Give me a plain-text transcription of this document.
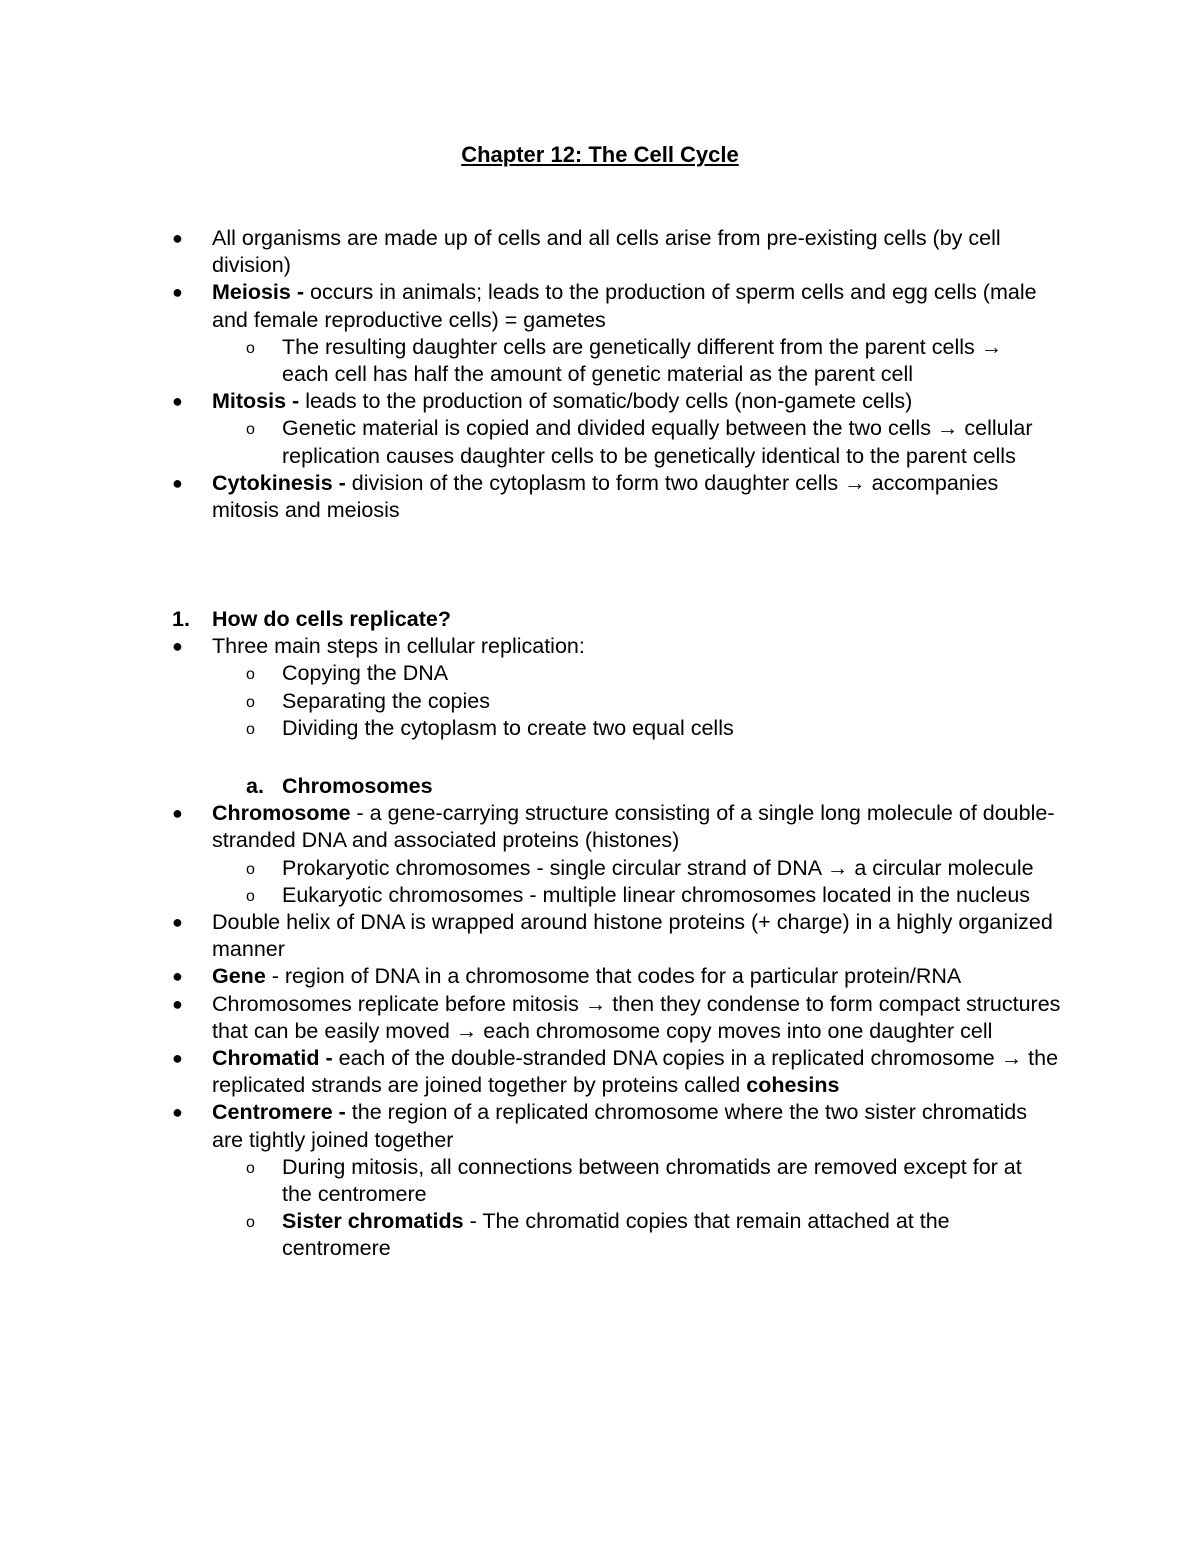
Chapter 12: The Cell Cycle
● All organisms are made up of cells and all cells arise from pre-existing cells (by cell division)
● Meiosis - occurs in animals; leads to the production of sperm cells and egg cells (male and female reproductive cells) = gametes
o The resulting daughter cells are genetically different from the parent cells → each cell has half the amount of genetic material as the parent cell
● Mitosis - leads to the production of somatic/body cells (non-gamete cells)
o Genetic material is copied and divided equally between the two cells → cellular replication causes daughter cells to be genetically identical to the parent cells
● Cytokinesis - division of the cytoplasm to form two daughter cells → accompanies mitosis and meiosis
1. How do cells replicate?
● Three main steps in cellular replication:
o Copying the DNA
o Separating the copies
o Dividing the cytoplasm to create two equal cells
a. Chromosomes
● Chromosome - a gene-carrying structure consisting of a single long molecule of double-stranded DNA and associated proteins (histones)
o Prokaryotic chromosomes - single circular strand of DNA → a circular molecule
o Eukaryotic chromosomes - multiple linear chromosomes located in the nucleus
● Double helix of DNA is wrapped around histone proteins (+ charge) in a highly organized manner
● Gene - region of DNA in a chromosome that codes for a particular protein/RNA
● Chromosomes replicate before mitosis → then they condense to form compact structures that can be easily moved → each chromosome copy moves into one daughter cell
● Chromatid - each of the double-stranded DNA copies in a replicated chromosome → the replicated strands are joined together by proteins called cohesins
● Centromere - the region of a replicated chromosome where the two sister chromatids are tightly joined together
o During mitosis, all connections between chromatids are removed except for at the centromere
o Sister chromatids - The chromatid copies that remain attached at the centromere
